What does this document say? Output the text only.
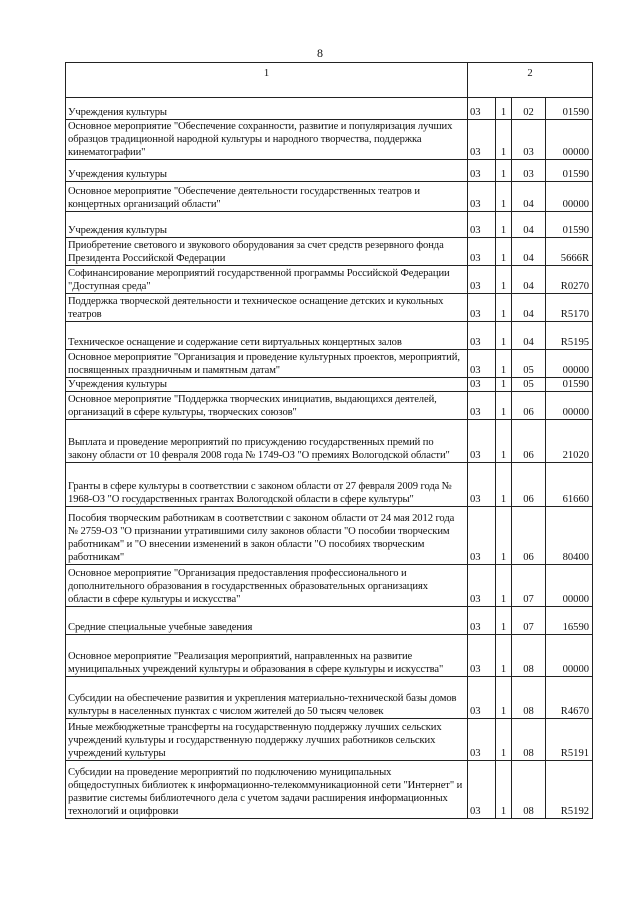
8
1	2			
Учреждения культуры	03	1	02	01590
Основное мероприятие "Обеспечение сохранности, развитие и популяризация лучших образцов традиционной народной культуры и народного творчества, поддержка кинематографии"	03	1	03	00000
Учреждения культуры	03	1	03	01590
Основное мероприятие "Обеспечение деятельности государственных театров и концертных организаций области"	03	1	04	00000
Учреждения культуры	03	1	04	01590
Приобретение светового и звукового оборудования за счет средств резервного фонда Президента Российской Федерации	03	1	04	5666R
Софинансирование мероприятий государственной программы Российской Федерации "Доступная среда"	03	1	04	R0270
Поддержка творческой деятельности и техническое оснащение детских и кукольных театров	03	1	04	R5170
Техническое оснащение и содержание сети виртуальных концертных залов	03	1	04	R5195
Основное мероприятие "Организация и проведение культурных проектов, мероприятий, посвященных праздничным и памятным датам"	03	1	05	00000
Учреждения культуры	03	1	05	01590
Основное мероприятие "Поддержка творческих инициатив, выдающихся деятелей, организаций в сфере культуры, творческих союзов"	03	1	06	00000
Выплата и проведение мероприятий по присуждению государственных премий по закону области от 10 февраля 2008 года № 1749-ОЗ "О премиях Вологодской области"	03	1	06	21020
Гранты в сфере культуры в соответствии с законом области от 27 февраля 2009 года № 1968-ОЗ "О государственных грантах Вологодской области в сфере культуры"	03	1	06	61660
Пособия творческим работникам в соответствии с законом области от 24 мая 2012 года № 2759-ОЗ "О признании утратившими силу законов области "О пособии творческим работникам" и "О внесении изменений в закон области "О пособиях творческим работникам"	03	1	06	80400
Основное мероприятие "Организация предоставления профессионального и дополнительного образования в государственных образовательных организациях области в сфере культуры и искусства"	03	1	07	00000
Средние специальные учебные заведения	03	1	07	16590
Основное мероприятие "Реализация мероприятий, направленных на развитие муниципальных учреждений культуры и образования в сфере культуры и искусства"	03	1	08	00000
Субсидии на обеспечение развития и укрепления материально-технической базы домов культуры в населенных пунктах с числом жителей до 50 тысяч человек	03	1	08	R4670
Иные межбюджетные трансферты на государственную поддержку лучших сельских учреждений культуры и государственную поддержку лучших работников сельских учреждений культуры	03	1	08	R5191
Субсидии на проведение мероприятий по подключению муниципальных общедоступных библиотек к информационно-телекоммуникационной сети "Интернет" и развитие системы библиотечного дела с учетом задачи расширения информационных технологий и оцифровки	03	1	08	R5192
